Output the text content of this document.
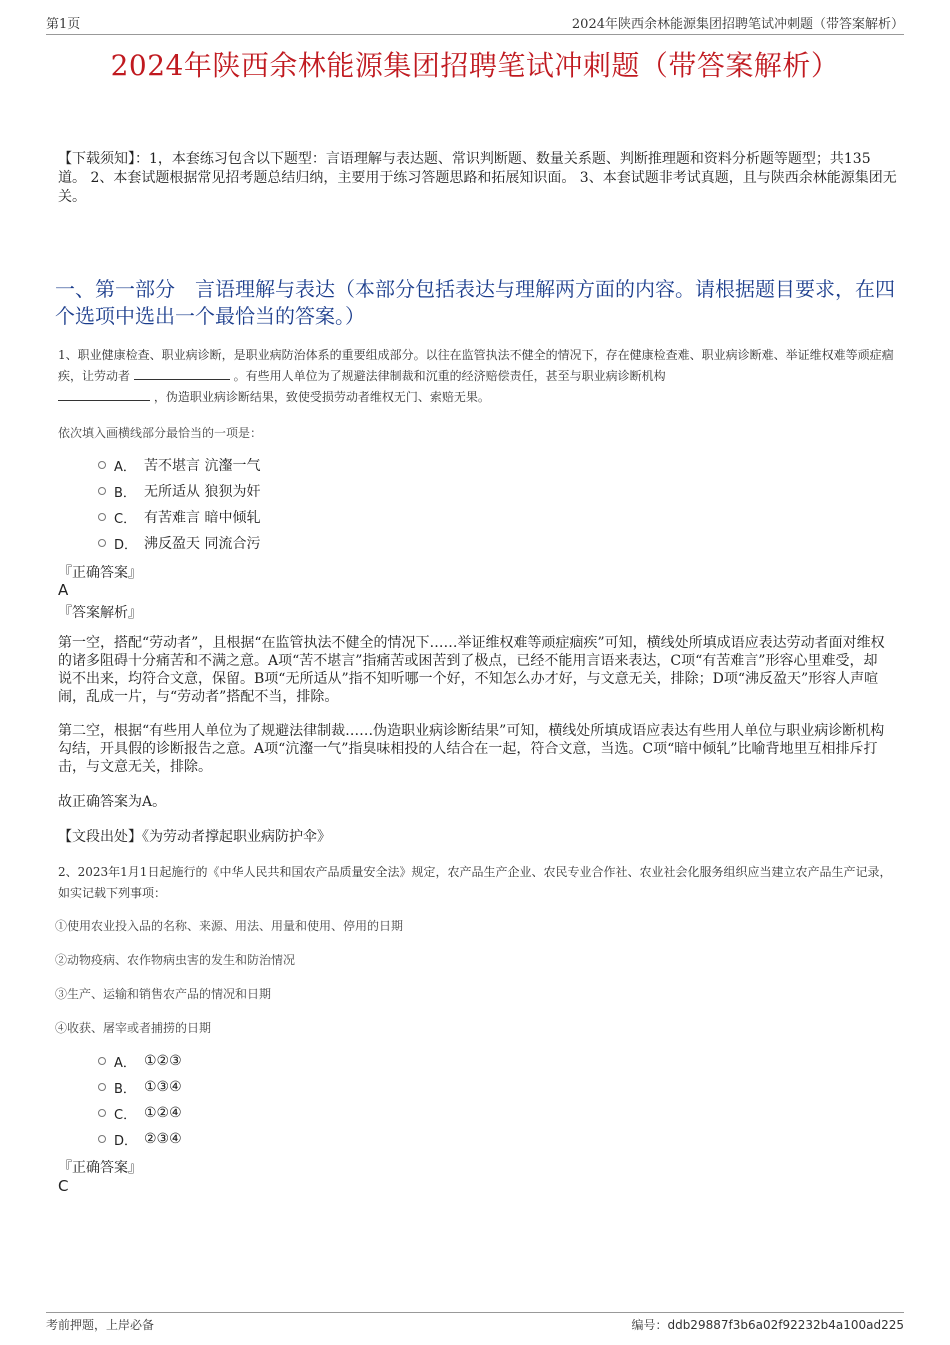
第1页	2024年陕西余林能源集团招聘笔试冲刺题（带答案解析）
2024年陕西余林能源集团招聘笔试冲刺题（带答案解析）
【下载须知】：1，本套练习包含以下题型：言语理解与表达题、常识判断题、数量关系题、判断推理题和资料分析题等题型；共135道。 2、本套试题根据常见招考题总结归纳，主要用于练习答题思路和拓展知识面。 3、本套试题非考试真题，且与陕西余林能源集团无关。
一、第一部分　言语理解与表达（本部分包括表达与理解两方面的内容。请根据题目要求，在四个选项中选出一个最恰当的答案。）
1、职业健康检查、职业病诊断，是职业病防治体系的重要组成部分。以往在监管执法不健全的情况下，存在健康检查难、职业病诊断难、举证维权难等顽症痼疾，让劳动者	。有些用人单位为了规避法律制裁和沉重的经济赔偿责任，甚至与职业病诊断机构
，伪造职业病诊断结果，致使受损劳动者维权无门、索赔无果。
依次填入画横线部分最恰当的一项是：
A． 苦不堪言 沆瀣一气
B． 无所适从 狼狈为奸
C． 有苦难言 暗中倾轧
D． 沸反盈天 同流合污
『正确答案』
A
『答案解析』
第一空，搭配“劳动者”，且根据“在监管执法不健全的情况下……举证维权难等顽症痼疾”可知，横线处所填成语应表达劳动者面对维权的诸多阻碍十分痛苦和不满之意。A项“苦不堪言”指痛苦或困苦到了极点，已经不能用言语来表达，C项“有苦难言”形容心里难受，却说不出来，均符合文意，保留。B项“无所适从”指不知听哪一个好，不知怎么办才好，与文意无关，排除；D项“沸反盈天”形容人声喧闹，乱成一片，与“劳动者”搭配不当，排除。
第二空，根据“有些用人单位为了规避法律制裁……伪造职业病诊断结果”可知，横线处所填成语应表达有些用人单位与职业病诊断机构勾结，开具假的诊断报告之意。A项“沆瀣一气”指臭味相投的人结合在一起，符合文意，当选。C项“暗中倾轧”比喻背地里互相排斥打击，与文意无关，排除。
故正确答案为A。
【文段出处】《为劳动者撑起职业病防护伞》
2、2023年1月1日起施行的《中华人民共和国农产品质量安全法》规定，农产品生产企业、农民专业合作社、农业社会化服务组织应当建立农产品生产记录，如实记载下列事项：
①使用农业投入品的名称、来源、用法、用量和使用、停用的日期
②动物疫病、农作物病虫害的发生和防治情况
③生产、运输和销售农产品的情况和日期
④收获、屠宰或者捕捞的日期
A． ①②③
B． ①③④
C． ①②④
D． ②③④
『正确答案』
C
考前押题，上岸必备	编号：ddb29887f3b6a02f92232b4a100ad225
